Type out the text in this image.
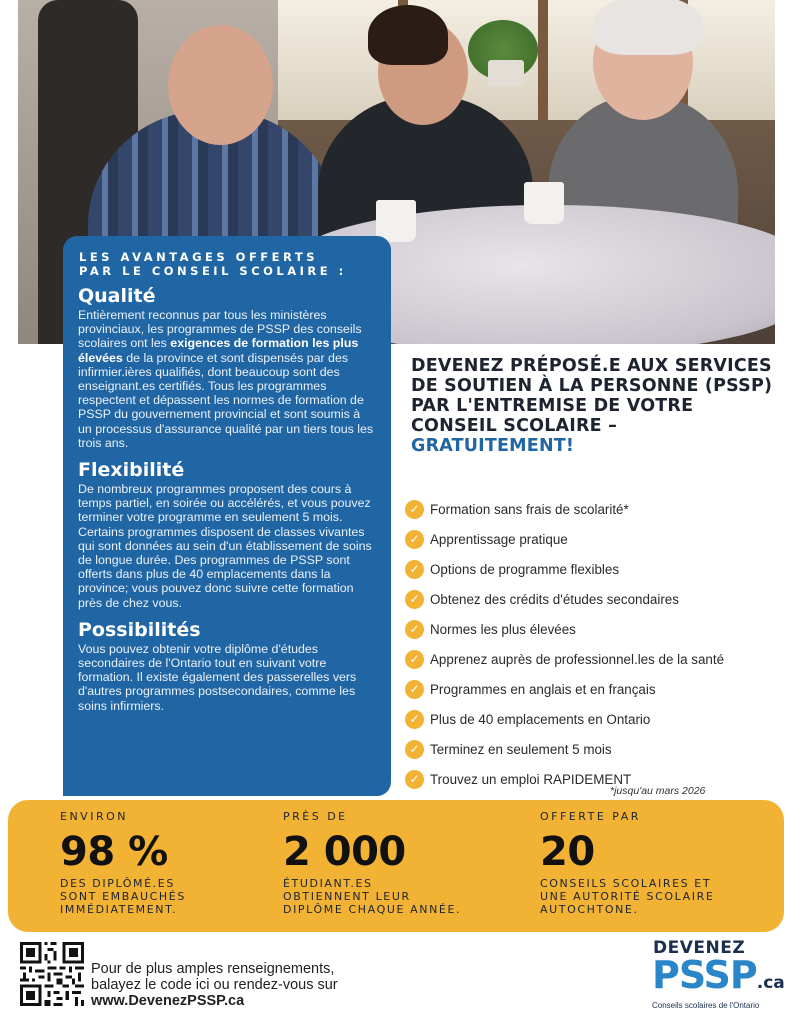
LES AVANTAGES OFFERTS
PAR LE CONSEIL SCOLAIRE :
Qualité

Entièrement reconnus par tous les ministères provinciaux, les programmes de PSSP des conseils scolaires ont les exigences de formation les plus élevées de la province et sont dispensés par des infirmier.ières qualifiés, dont beaucoup sont des enseignant.es certifiés. Tous les programmes respectent et dépassent les normes de formation de PSSP du gouvernement provincial et sont soumis à un processus d'assurance qualité par un tiers tous les trois ans.

Flexibilité

De nombreux programmes proposent des cours à temps partiel, en soirée ou accélérés, et vous pouvez terminer votre programme en seulement 5 mois. Certains programmes disposent de classes vivantes qui sont données au sein d'un établissement de soins de longue durée. Des programmes de PSSP sont offerts dans plus de 40 emplacements dans la province; vous pouvez donc suivre cette formation près de chez vous.

Possibilités

Vous pouvez obtenir votre diplôme d'études secondaires de l'Ontario tout en suivant votre formation. Il existe également des passerelles vers d'autres programmes postsecondaires, comme les soins infirmiers.

DEVENEZ PRÉPOSÉ.E AUX SERVICES DE SOUTIEN À LA PERSONNE (PSSP) PAR L'ENTREMISE DE VOTRE CONSEIL SCOLAIRE – GRATUITEMENT!
✓ Formation sans frais de scolarité*
✓ Apprentissage pratique
✓ Options de programme flexibles
✓ Obtenez des crédits d'études secondaires
✓ Normes les plus élevées
✓ Apprenez auprès de professionnel.les de la santé
✓ Programmes en anglais et en français
✓ Plus de 40 emplacements en Ontario
✓ Terminez en seulement 5 mois
✓ Trouvez un emploi RAPIDEMENT
*jusqu'au mars 2026
ENVIRON
98 %
DES DIPLÔMÉ.ES
SONT EMBAUCHÉS
IMMÉDIATEMENT.
PRÈS DE
2 000
ÉTUDIANT.ES
OBTIENNENT LEUR
DIPLÔME CHAQUE ANNÉE.
OFFERTE PAR
20
CONSEILS SCOLAIRES ET
UNE AUTORITÉ SCOLAIRE
AUTOCHTONE.
Pour de plus amples renseignements,
balayez le code ici ou rendez-vous sur
www.DevenezPSSP.ca
DEVENEZ
PSSP.ca
Conseils scolaires de l'Ontario
